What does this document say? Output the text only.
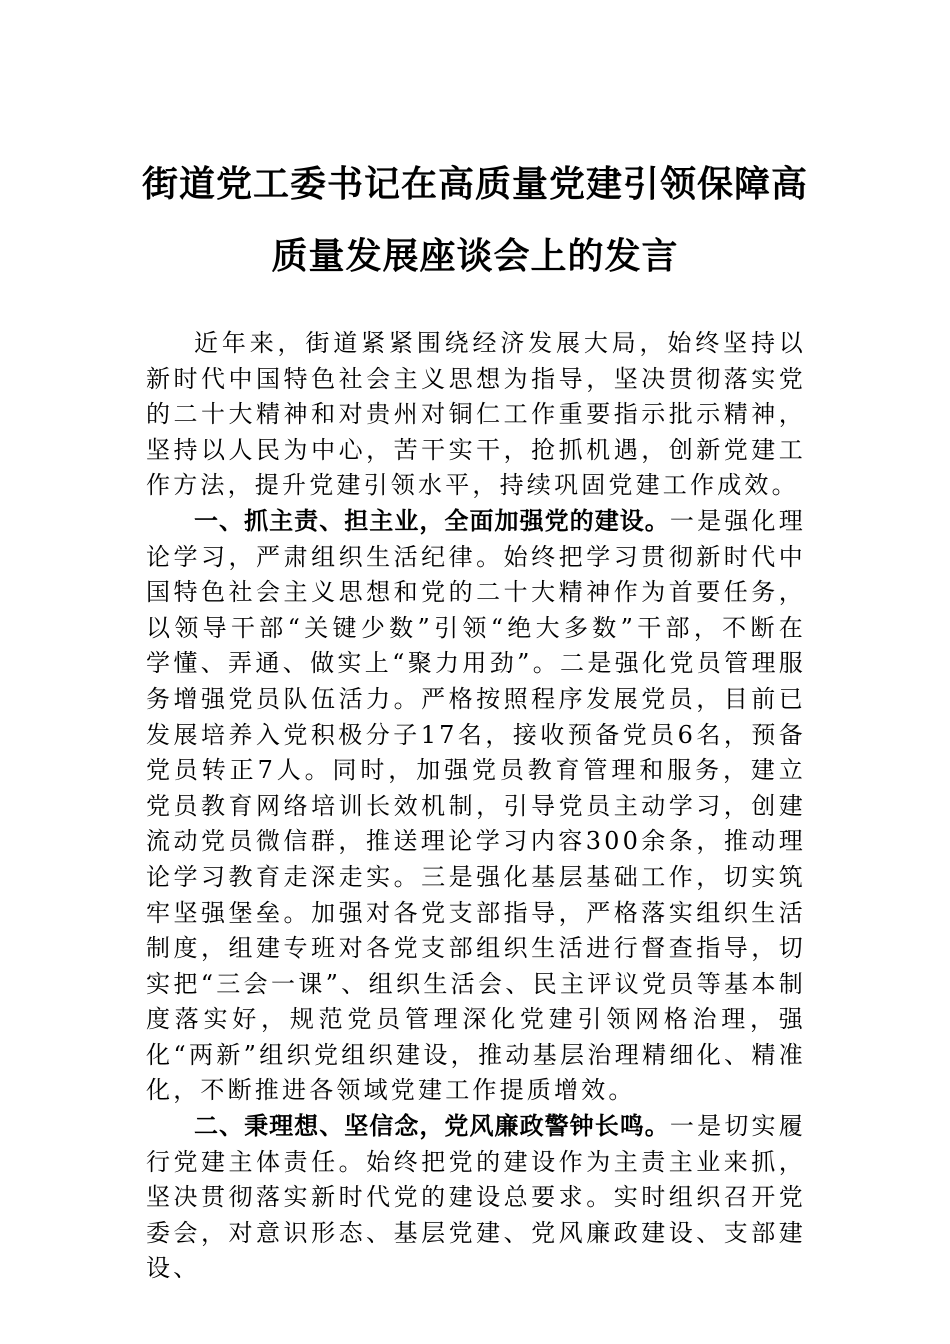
街道党工委书记在高质量党建引领保障高
质量发展座谈会上的发言

近年来，街道紧紧围绕经济发展大局，始终坚持以新时代中国特色社会主义思想为指导，坚决贯彻落实党的二十大精神和对贵州对铜仁工作重要指示批示精神，坚持以人民为中心，苦干实干，抢抓机遇，创新党建工作方法，提升党建引领水平，持续巩固党建工作成效。

一、抓主责、担主业，全面加强党的建设。一是强化理论学习，严肃组织生活纪律。始终把学习贯彻新时代中国特色社会主义思想和党的二十大精神作为首要任务，以领导干部“关键少数”引领“绝大多数”干部，不断在学懂、弄通、做实上“聚力用劲”。二是强化党员管理服务增强党员队伍活力。严格按照程序发展党员，目前已发展培养入党积极分子17名，接收预备党员6名，预备党员转正7人。同时，加强党员教育管理和服务，建立党员教育网络培训长效机制，引导党员主动学习，创建流动党员微信群，推送理论学习内容300余条，推动理论学习教育走深走实。三是强化基层基础工作，切实筑牢坚强堡垒。加强对各党支部指导，严格落实组织生活制度，组建专班对各党支部组织生活进行督查指导，切实把“三会一课”、组织生活会、民主评议党员等基本制度落实好，规范党员管理深化党建引领网格治理，强化“两新”组织党组织建设，推动基层治理精细化、精准化，不断推进各领域党建工作提质增效。

二、秉理想、坚信念，党风廉政警钟长鸣。一是切实履行党建主体责任。始终把党的建设作为主责主业来抓，坚决贯彻落实新时代党的建设总要求。实时组织召开党委会，对意识形态、基层党建、党风廉政建设、支部建设、
